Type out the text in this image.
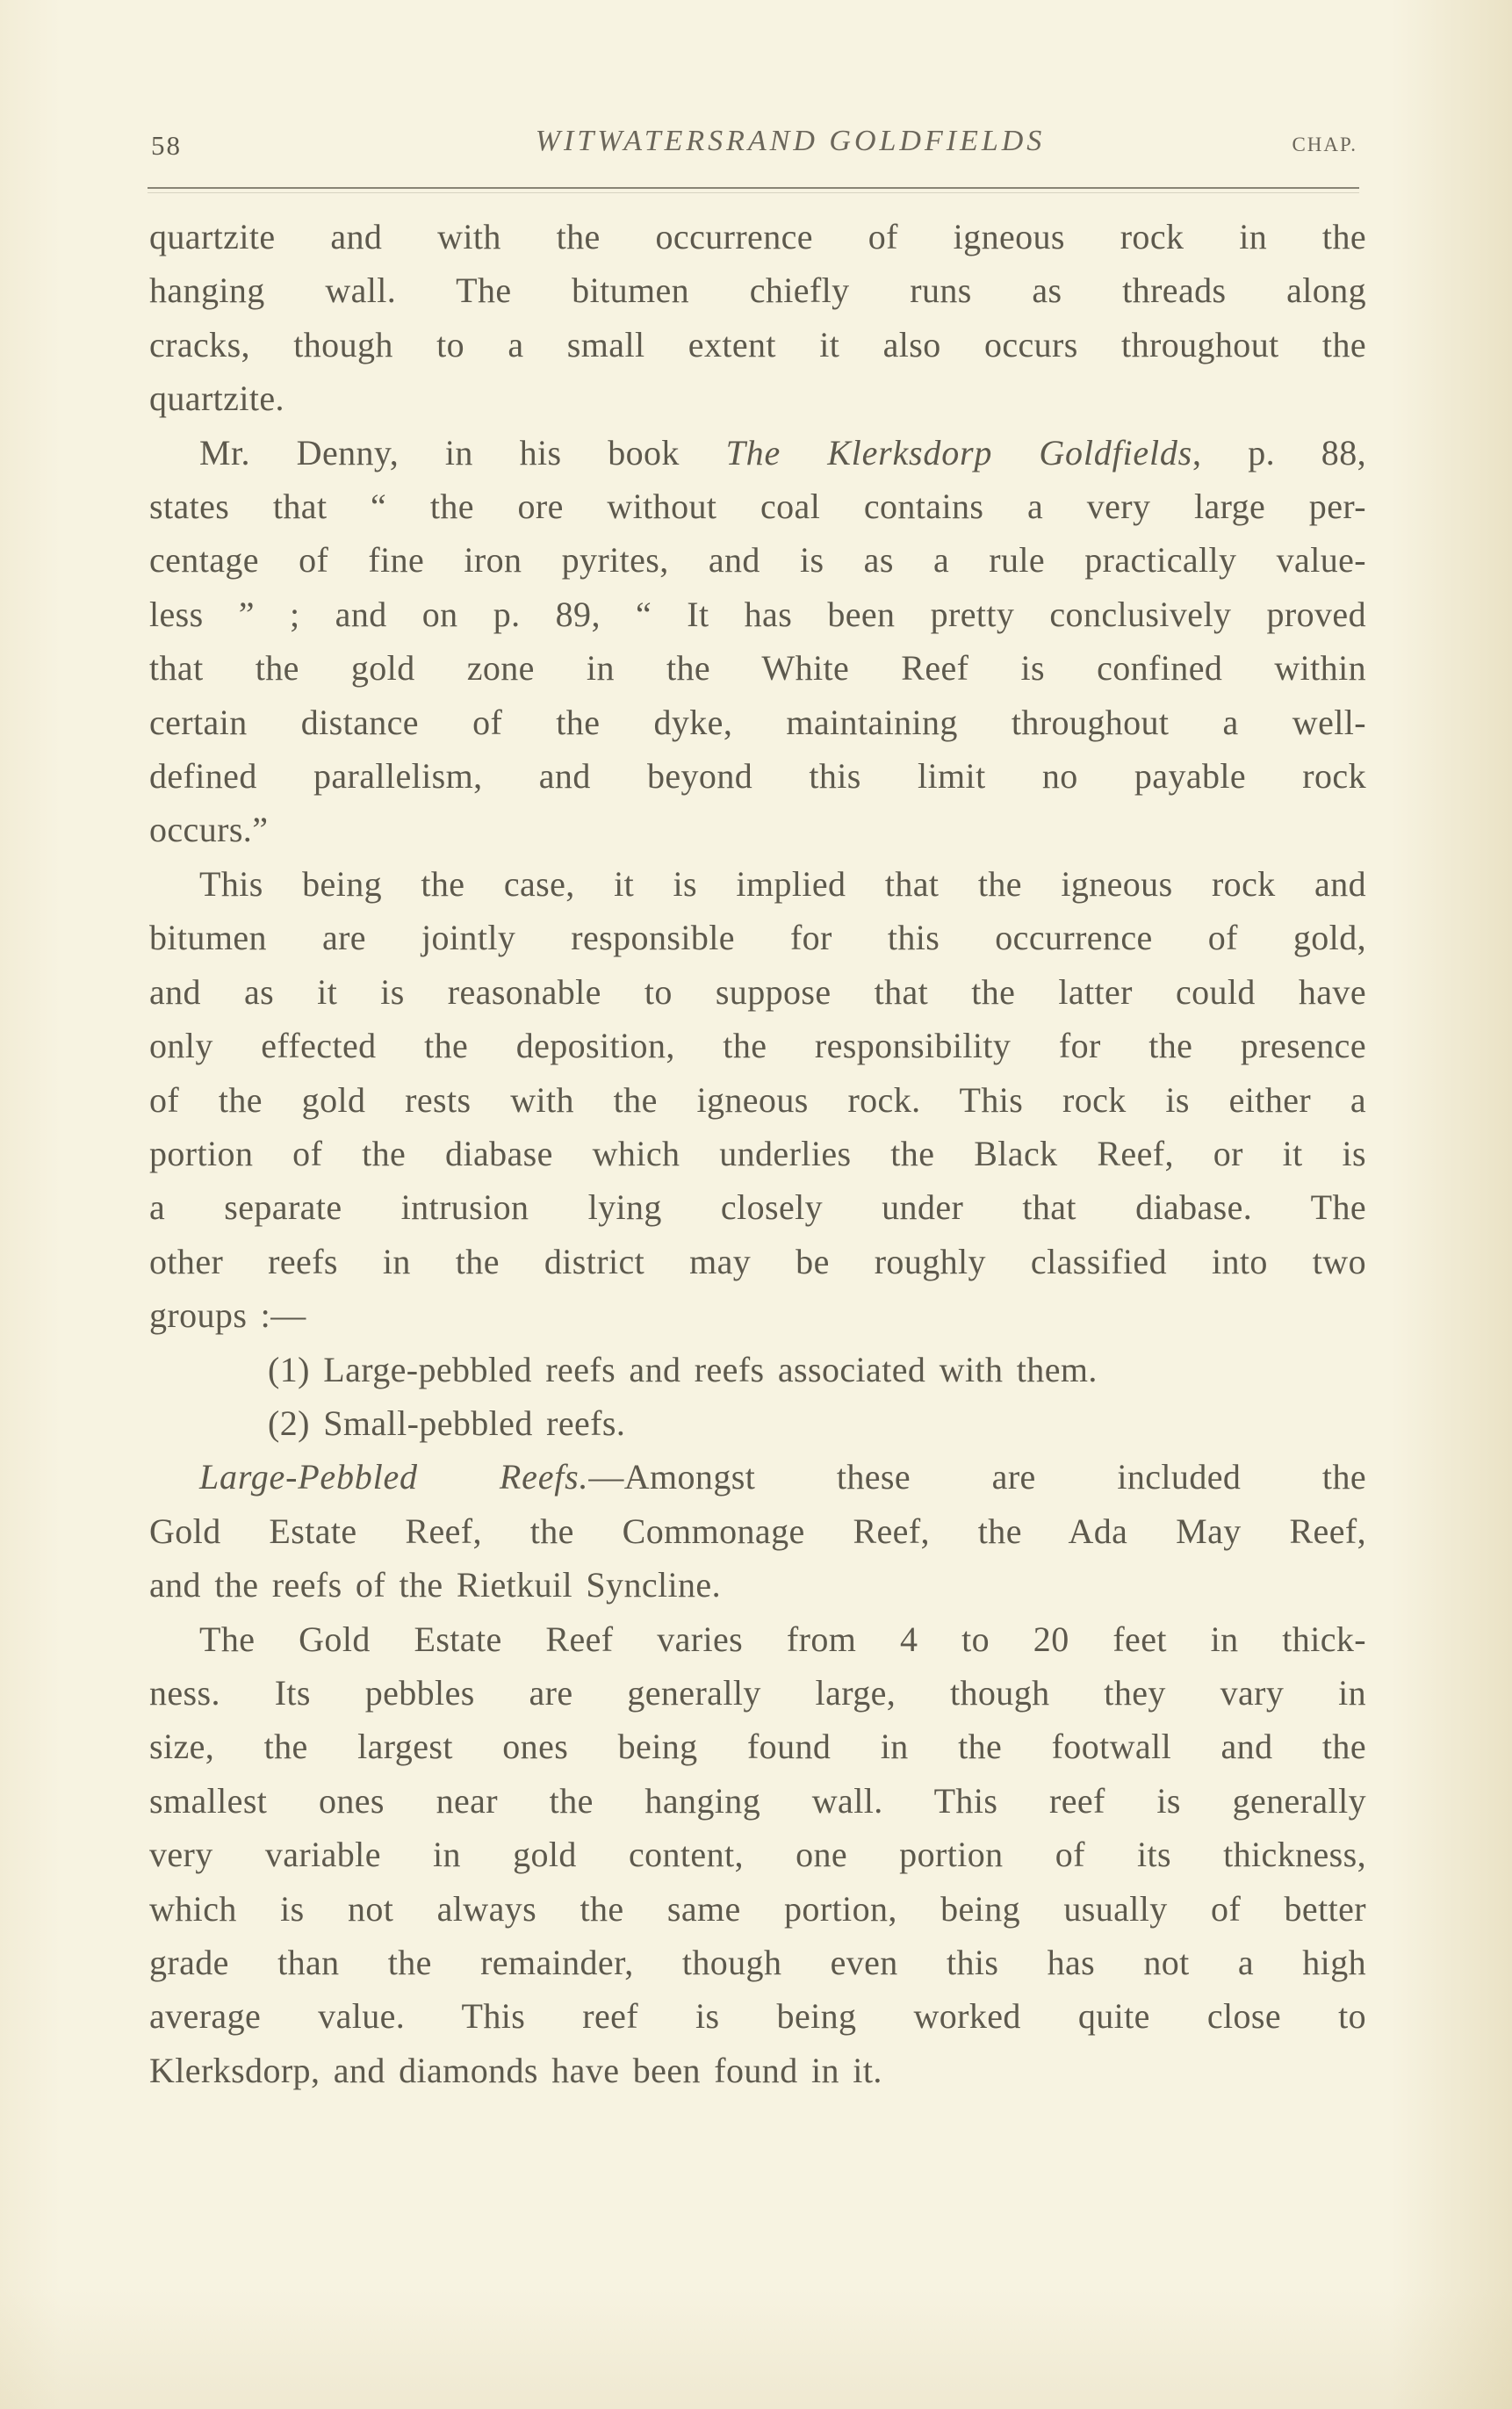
58	WITWATERSRAND GOLDFIELDS	CHAP.
quartzite and with the occurrence of igneous rock in the
hanging wall. The bitumen chiefly runs as threads along
cracks, though to a small extent it also occurs throughout the
quartzite.
Mr. Denny, in his book The Klerksdorp Goldfields, p. 88,
states that “ the ore without coal contains a very large per-
centage of fine iron pyrites, and is as a rule practically value-
less ” ; and on p. 89, “ It has been pretty conclusively proved
that the gold zone in the White Reef is confined within
certain distance of the dyke, maintaining throughout a well-
defined parallelism, and beyond this limit no payable rock
occurs.”
This being the case, it is implied that the igneous rock and
bitumen are jointly responsible for this occurrence of gold,
and as it is reasonable to suppose that the latter could have
only effected the deposition, the responsibility for the presence
of the gold rests with the igneous rock. This rock is either a
portion of the diabase which underlies the Black Reef, or it is
a separate intrusion lying closely under that diabase. The
other reefs in the district may be roughly classified into two
groups :—
(1) Large-pebbled reefs and reefs associated with them.
(2) Small-pebbled reefs.
Large-Pebbled Reefs.—Amongst these are included the
Gold Estate Reef, the Commonage Reef, the Ada May Reef,
and the reefs of the Rietkuil Syncline.
The Gold Estate Reef varies from 4 to 20 feet in thick-
ness. Its pebbles are generally large, though they vary in
size, the largest ones being found in the footwall and the
smallest ones near the hanging wall. This reef is generally
very variable in gold content, one portion of its thickness,
which is not always the same portion, being usually of better
grade than the remainder, though even this has not a high
average value. This reef is being worked quite close to
Klerksdorp, and diamonds have been found in it.
